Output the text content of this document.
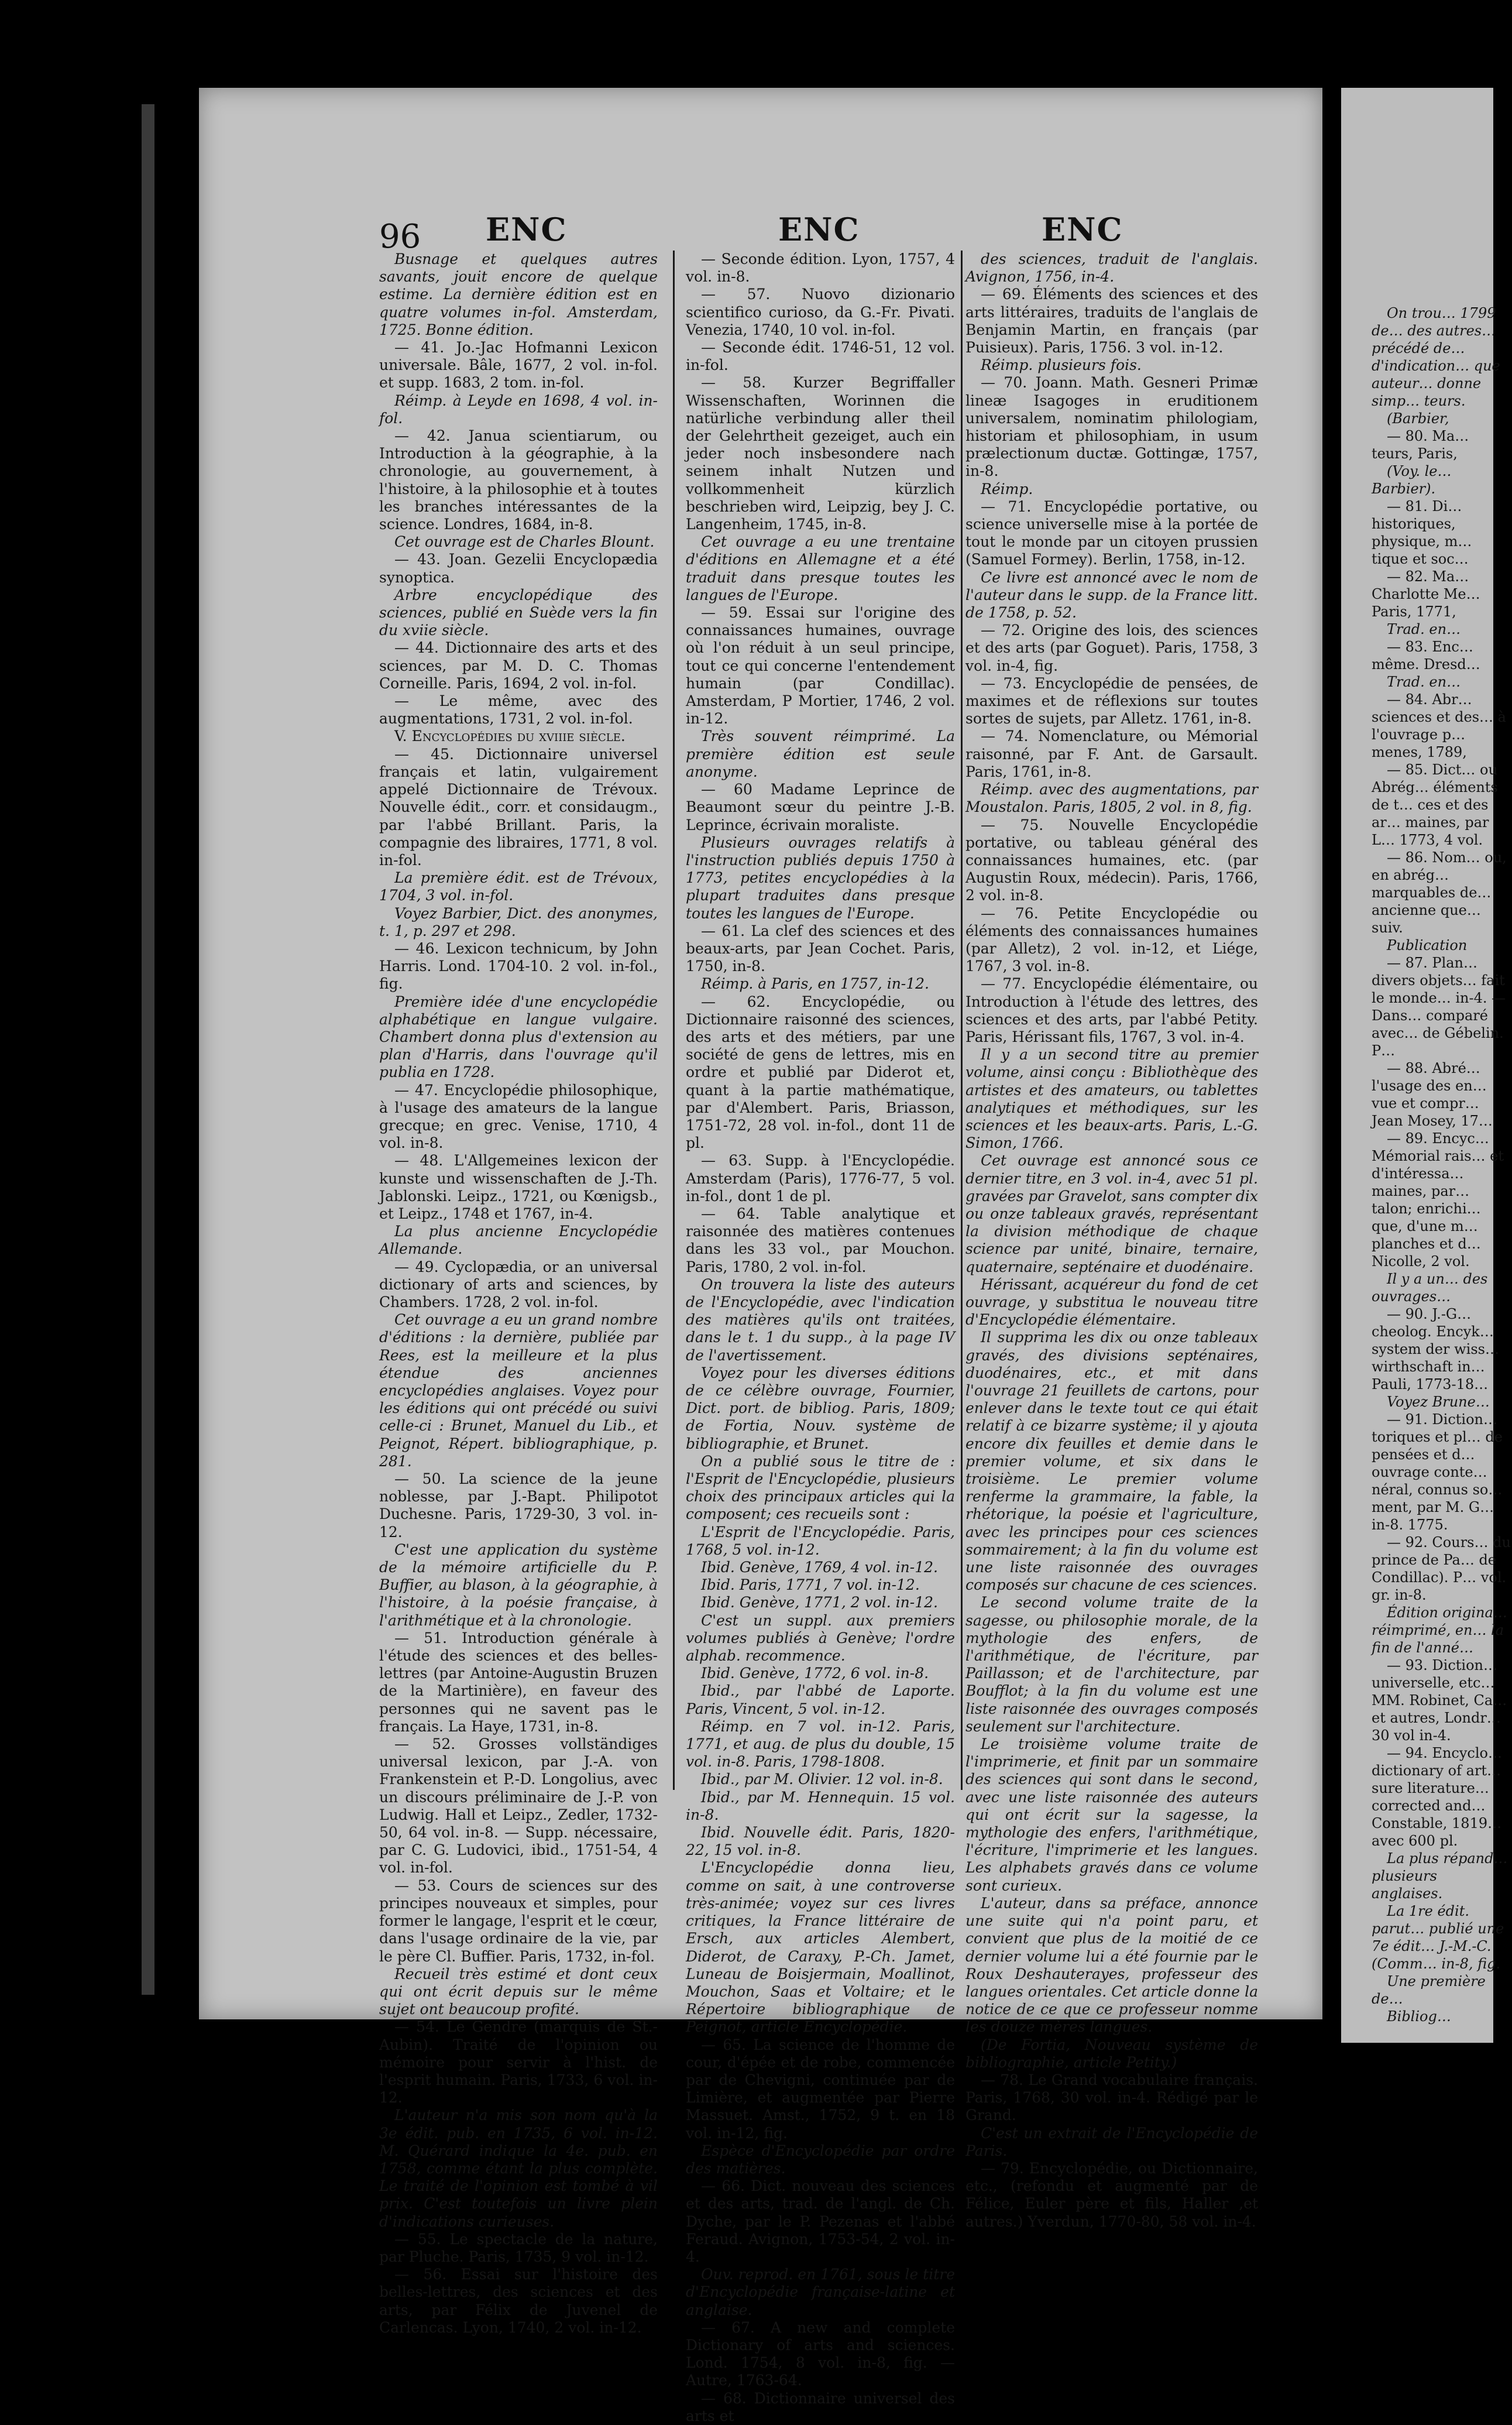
96 ENC	ENC	ENC

Busnage et quelques autres savants, jouit encore de quelque estime. La dernière édition est en quatre volumes in-fol. Amsterdam, 1725. Bonne édition.

— 41. Jo.-Jac Hofmanni Lexicon universale. Bâle, 1677, 2 vol. in-fol. et supp. 1683, 2 tom. in-fol.

Réimp. à Leyde en 1698, 4 vol. in-fol.

— 42. Janua scientiarum, ou Introduction à la géographie, à la chronologie, au gouvernement, à l'histoire, à la philosophie et à toutes les branches intéressantes de la science. Londres, 1684, in-8.

Cet ouvrage est de Charles Blount.

— 43. Joan. Gezelii Encyclopædia synoptica.

Arbre encyclopédique des sciences, publié en Suède vers la fin du xviie siècle.

— 44. Dictionnaire des arts et des sciences, par M. D. C. Thomas Corneille. Paris, 1694, 2 vol. in-fol.

— Le même, avec des augmentations, 1731, 2 vol. in-fol.

V. Encyclopédies du xviiie siècle.

— 45. Dictionnaire universel français et latin, vulgairement appelé Dictionnaire de Trévoux. Nouvelle édit., corr. et considaugm., par l'abbé Brillant. Paris, la compagnie des libraires, 1771, 8 vol. in-fol.

La première édit. est de Trévoux, 1704, 3 vol. in-fol.

Voyez Barbier, Dict. des anonymes, t. 1, p. 297 et 298.

— 46. Lexicon technicum, by John Harris. Lond. 1704-10. 2 vol. in-fol., fig.

Première idée d'une encyclopédie alphabétique en langue vulgaire. Chambert donna plus d'extension au plan d'Harris, dans l'ouvrage qu'il publia en 1728.

— 47. Encyclopédie philosophique, à l'usage des amateurs de la langue grecque; en grec. Venise, 1710, 4 vol. in-8.

— 48. L'Allgemeines lexicon der kunste und wissenschaften de J.-Th. Jablonski. Leipz., 1721, ou Kœnigsb., et Leipz., 1748 et 1767, in-4.

La plus ancienne Encyclopédie Allemande.

— 49. Cyclopædia, or an universal dictionary of arts and sciences, by Chambers. 1728, 2 vol. in-fol.

Cet ouvrage a eu un grand nombre d'éditions : la dernière, publiée par Rees, est la meilleure et la plus étendue des anciennes encyclopédies anglaises. Voyez pour les éditions qui ont précédé ou suivi celle-ci : Brunet, Manuel du Lib., et Peignot, Répert. bibliographique, p. 281.

— 50. La science de la jeune noblesse, par J.-Bapt. Philipotot Duchesne. Paris, 1729-30, 3 vol. in-12.

C'est une application du système de la mémoire artificielle du P. Buffier, au blason, à la géographie, à l'histoire, à la poésie française, à l'arithmétique et à la chronologie.

— 51. Introduction générale à l'étude des sciences et des belles-lettres (par Antoine-Augustin Bruzen de la Martinière), en faveur des personnes qui ne savent pas le français. La Haye, 1731, in-8.

— 52. Grosses vollständiges universal lexicon, par J.-A. von Frankenstein et P.-D. Longolius, avec un discours préliminaire de J.-P. von Ludwig. Hall et Leipz., Zedler, 1732-50, 64 vol. in-8. — Supp. nécessaire, par C. G. Ludovici, ibid., 1751-54, 4 vol. in-fol.

— 53. Cours de sciences sur des principes nouveaux et simples, pour former le langage, l'esprit et le cœur, dans l'usage ordinaire de la vie, par le père Cl. Buffier. Paris, 1732, in-fol.

Recueil très estimé et dont ceux qui ont écrit depuis sur le même sujet ont beaucoup profité.

— 54. Le Gendre (marquis de St.-Aubin). Traité de l'opinion ou mémoire pour servir à l'hist. de l'esprit humain. Paris, 1733, 6 vol. in-12.

L'auteur n'a mis son nom qu'à la 3e édit. pub. en 1735, 6 vol. in-12. M. Quérard indique la 4e. pub. en 1758, comme étant la plus complète. Le traité de l'opinion est tombé à vil prix. C'est toutefois un livre plein d'indications curieuses.

— 55. Le spectacle de la nature, par Pluche. Paris, 1735, 9 vol. in-12.

— 56. Essai sur l'histoire des belles-lettres, des sciences et des arts, par Félix de Juvenel de Carlencas. Lyon, 1740, 2 vol. in-12.

— Seconde édition. Lyon, 1757, 4 vol. in-8.

— 57. Nuovo dizionario scientifico curioso, da G.-Fr. Pivati. Venezia, 1740, 10 vol. in-fol.

— Seconde édit. 1746-51, 12 vol. in-fol.

— 58. Kurzer Begriffaller Wissenschaften, Worinnen die natürliche verbindung aller theil der Gelehrtheit gezeiget, auch ein jeder noch insbesondere nach seinem inhalt Nutzen und vollkommenheit kürzlich beschrieben wird, Leipzig, bey J. C. Langenheim, 1745, in-8.

Cet ouvrage a eu une trentaine d'éditions en Allemagne et a été traduit dans presque toutes les langues de l'Europe.

— 59. Essai sur l'origine des connaissances humaines, ouvrage où l'on réduit à un seul principe, tout ce qui concerne l'entendement humain (par Condillac). Amsterdam, P Mortier, 1746, 2 vol. in-12.

Très souvent réimprimé. La première édition est seule anonyme.

— 60 Madame Leprince de Beaumont sœur du peintre J.-B. Leprince, écrivain moraliste.

Plusieurs ouvrages relatifs à l'instruction publiés depuis 1750 à 1773, petites encyclopédies à la plupart traduites dans presque toutes les langues de l'Europe.

— 61. La clef des sciences et des beaux-arts, par Jean Cochet. Paris, 1750, in-8.

Réimp. à Paris, en 1757, in-12.

— 62. Encyclopédie, ou Dictionnaire raisonné des sciences, des arts et des métiers, par une société de gens de lettres, mis en ordre et publié par Diderot et, quant à la partie mathématique, par d'Alembert. Paris, Briasson, 1751-72, 28 vol. in-fol., dont 11 de pl.

— 63. Supp. à l'Encyclopédie. Amsterdam (Paris), 1776-77, 5 vol. in-fol., dont 1 de pl.

— 64. Table analytique et raisonnée des matières contenues dans les 33 vol., par Mouchon. Paris, 1780, 2 vol. in-fol.

On trouvera la liste des auteurs de l'Encyclopédie, avec l'indication des matières qu'ils ont traitées, dans le t. 1 du supp., à la page IV de l'avertissement.

Voyez pour les diverses éditions de ce célèbre ouvrage, Fournier, Dict. port. de bibliog. Paris, 1809; de Fortia, Nouv. système de bibliographie, et Brunet.

On a publié sous le titre de : l'Esprit de l'Encyclopédie, plusieurs choix des principaux articles qui la composent; ces recueils sont :

L'Esprit de l'Encyclopédie. Paris, 1768, 5 vol. in-12.

Ibid. Genève, 1769, 4 vol. in-12.

Ibid. Paris, 1771, 7 vol. in-12.

Ibid. Genève, 1771, 2 vol. in-12.

C'est un suppl. aux premiers volumes publiés à Genève; l'ordre alphab. recommence.

Ibid. Genève, 1772, 6 vol. in-8.

Ibid., par l'abbé de Laporte. Paris, Vincent, 5 vol. in-12.

Réimp. en 7 vol. in-12. Paris, 1771, et aug. de plus du double, 15 vol. in-8. Paris, 1798-1808.

Ibid., par M. Olivier. 12 vol. in-8.

Ibid., par M. Hennequin. 15 vol. in-8.

Ibid. Nouvelle édit. Paris, 1820-22, 15 vol. in-8.

L'Encyclopédie donna lieu, comme on sait, à une controverse très-animée; voyez sur ces livres critiques, la France littéraire de Ersch, aux articles Alembert, Diderot, de Caraxy, P.-Ch. Jamet, Luneau de Boisjermain, Moallinot, Mouchon, Saas et Voltaire; et le Répertoire bibliographique de Peignot, article Encyclopédie.

— 65. La science de l'homme de cour, d'épée et de robe, commencée par de Chevigni, continuée par de Limière, et augmentée par Pierre Massuet. Amst., 1752, 9 t. en 18 vol. in-12, fig.

Espèce d'Encyclopédie par ordre des matières.

— 66. Dict. nouveau des sciences et des arts, trad. de l'angl. de Ch. Dyche, par le P. Pezenas et l'abbé Feraud. Avignon, 1753-54, 2 vol. in-4.

Ouv. reprod. en 1761, sous le titre d'Encyclopédie française-latine et anglaise.

— 67. A new and complete Dictionary of arts and sciences. Lond. 1754, 8 vol. in-8, fig. — Autre, 1763-64.

— 68. Dictionnaire universel des arts et

des sciences, traduit de l'anglais. Avignon, 1756, in-4.

— 69. Éléments des sciences et des arts littéraires, traduits de l'anglais de Benjamin Martin, en français (par Puisieux). Paris, 1756. 3 vol. in-12.

Réimp. plusieurs fois.

— 70. Joann. Math. Gesneri Primæ lineæ Isagoges in eruditionem universalem, nominatim philologiam, historiam et philosophiam, in usum prælectionum ductæ. Gottingæ, 1757, in-8.

Réimp.

— 71. Encyclopédie portative, ou science universelle mise à la portée de tout le monde par un citoyen prussien (Samuel Formey). Berlin, 1758, in-12.

Ce livre est annoncé avec le nom de l'auteur dans le supp. de la France litt. de 1758, p. 52.

— 72. Origine des lois, des sciences et des arts (par Goguet). Paris, 1758, 3 vol. in-4, fig.

— 73. Encyclopédie de pensées, de maximes et de réflexions sur toutes sortes de sujets, par Alletz. 1761, in-8.

— 74. Nomenclature, ou Mémorial raisonné, par F. Ant. de Garsault. Paris, 1761, in-8.

Réimp. avec des augmentations, par Moustalon. Paris, 1805, 2 vol. in 8, fig.

— 75. Nouvelle Encyclopédie portative, ou tableau général des connaissances humaines, etc. (par Augustin Roux, médecin). Paris, 1766, 2 vol. in-8.

— 76. Petite Encyclopédie ou éléments des connaissances humaines (par Alletz), 2 vol. in-12, et Liége, 1767, 3 vol. in-8.

— 77. Encyclopédie élémentaire, ou Introduction à l'étude des lettres, des sciences et des arts, par l'abbé Petity. Paris, Hérissant fils, 1767, 3 vol. in-4.

Il y a un second titre au premier volume, ainsi conçu : Bibliothèque des artistes et des amateurs, ou tablettes analytiques et méthodiques, sur les sciences et les beaux-arts. Paris, L.-G. Simon, 1766.

Cet ouvrage est annoncé sous ce dernier titre, en 3 vol. in-4, avec 51 pl. gravées par Gravelot, sans compter dix ou onze tableaux gravés, représentant la division méthodique de chaque science par unité, binaire, ternaire, quaternaire, septénaire et duodénaire.

Hérissant, acquéreur du fond de cet ouvrage, y substitua le nouveau titre d'Encyclopédie élémentaire.

Il supprima les dix ou onze tableaux gravés, des divisions septénaires, duodénaires, etc., et mit dans l'ouvrage 21 feuillets de cartons, pour enlever dans le texte tout ce qui était relatif à ce bizarre système; il y ajouta encore dix feuilles et demie dans le premier volume, et six dans le troisième. Le premier volume renferme la grammaire, la fable, la rhétorique, la poésie et l'agriculture, avec les principes pour ces sciences sommairement; à la fin du volume est une liste raisonnée des ouvrages composés sur chacune de ces sciences.

Le second volume traite de la sagesse, ou philosophie morale, de la mythologie des enfers, de l'arithmétique, de l'écriture, par Paillasson; et de l'architecture, par Boufflot; à la fin du volume est une liste raisonnée des ouvrages composés seulement sur l'architecture.

Le troisième volume traite de l'imprimerie, et finit par un sommaire des sciences qui sont dans le second, avec une liste raisonnée des auteurs qui ont écrit sur la sagesse, la mythologie des enfers, l'arithmétique, l'écriture, l'imprimerie et les langues. Les alphabets gravés dans ce volume sont curieux.

L'auteur, dans sa préface, annonce une suite qui n'a point paru, et convient que plus de la moitié de ce dernier volume lui a été fournie par le Roux Deshauterayes, professeur des langues orientales. Cet article donne la notice de ce que ce professeur nomme les douze mères langues.

(De Fortia, Nouveau système de bibliographie, article Petity.)

— 78. Le Grand vocabulaire français. Paris, 1768, 30 vol. in-4. Rédigé par le Grand.

C'est un extrait de l'Encyclopédie de Paris.

— 79. Encyclopédie, ou Dictionnaire, etc., (refondu et augmenté par de Félice, Euler père et fils, Haller ,et autres.) Yverdun, 1770-80, 58 vol. in-4.

On trou… 1799 de… des autres… précédé de… d'indication… que auteur… donne simp… teurs.

(Barbier,

— 80. Ma… teurs, Paris,

(Voy. le… Barbier).

— 81. Di… historiques, physique, m… tique et soc…

— 82. Ma… Charlotte Me… Paris, 1771,

Trad. en…

— 83. Enc… même. Dresd…

Trad. en…

— 84. Abr… sciences et des… à l'ouvrage p… menes, 1789,

— 85. Dict… ou Abrég… éléments de t… ces et des ar… maines, par L… 1773, 4 vol.

— 86. Nom… ou, en abrég… marquables de… ancienne que… suiv.

Publication

— 87. Plan… divers objets… fait le monde… in-4. — Dans… comparé avec… de Gébelin. P…

— 88. Abré… l'usage des en… vue et compr… Jean Mosey, 17…

— 89. Encyc… Mémorial rais… et d'intéressa… maines, par… talon; enrichi… que, d'une m… planches et d… Nicolle, 2 vol.

Il y a un… des ouvrages…

— 90. J.-G… cheolog. Encyk… system der wiss… wirthschaft in… Pauli, 1773-18…

Voyez Brune…

— 91. Diction… toriques et pl… de pensées et d… ouvrage conte… néral, connus so… ment, par M. G… in-8. 1775.

— 92. Cours… du prince de Pa… de Condillac). P… vol. gr. in-8.

Édition origina… réimprimé, en… la fin de l'anné…

— 93. Diction… universelle, etc… MM. Robinet, Ca… et autres, Londr… 30 vol in-4.

— 94. Encyclo… dictionary of art… sure literature… corrected and… Constable, 1819… avec 600 pl.

La plus répand… plusieurs anglaises.

La 1re édit. parut… publié une 7e édit… J.-M.-C. (Comm… in-8, fig.

Une première de…

Bibliog…
